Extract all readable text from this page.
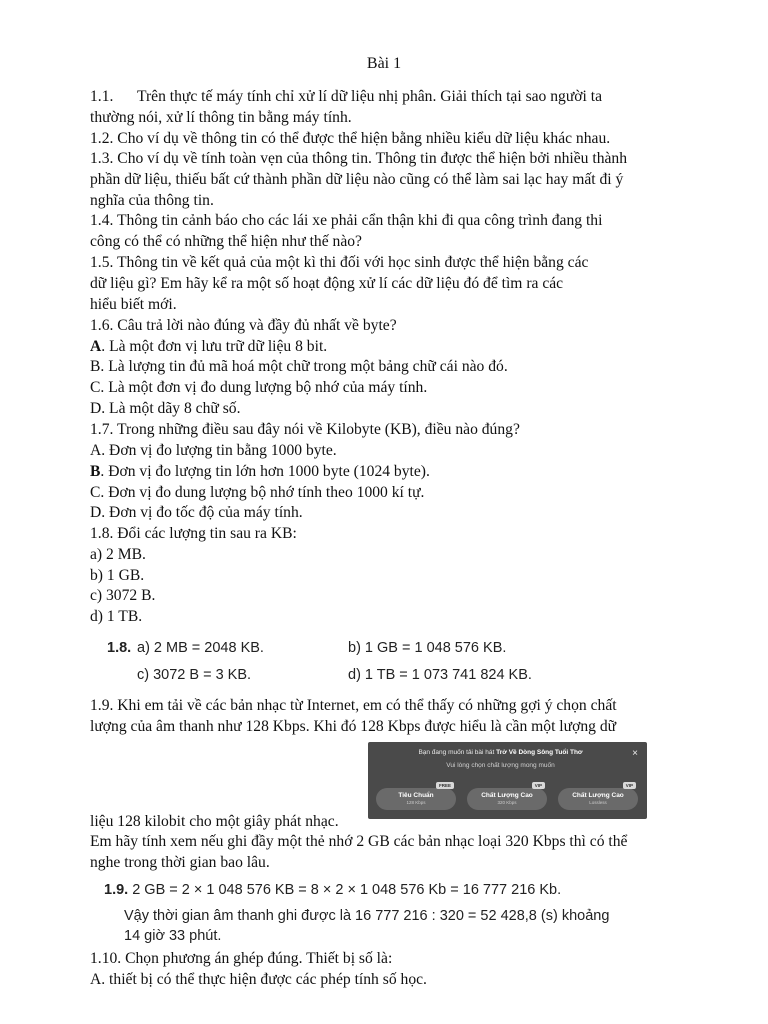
Bài 1
1.1. Trên thực tế máy tính chỉ xử lí dữ liệu nhị phân. Giải thích tại sao người ta
thường nói, xử lí thông tin bằng máy tính.
1.2. Cho ví dụ về thông tin có thể được thể hiện bằng nhiều kiểu dữ liệu khác nhau.
1.3. Cho ví dụ về tính toàn vẹn của thông tin. Thông tin được thể hiện bởi nhiều thành
phần dữ liệu, thiếu bất cứ thành phần dữ liệu nào cũng có thể làm sai lạc hay mất đi ý
nghĩa của thông tin.
1.4. Thông tin cảnh báo cho các lái xe phải cẩn thận khi đi qua công trình đang thi
công có thể có những thể hiện như thế nào?
1.5. Thông tin về kết quả của một kì thi đối với học sinh được thể hiện bằng các
dữ liệu gì? Em hãy kể ra một số hoạt động xử lí các dữ liệu đó để tìm ra các
hiểu biết mới.
1.6. Câu trả lời nào đúng và đầy đủ nhất về byte?
A. Là một đơn vị lưu trữ dữ liệu 8 bit.
B. Là lượng tin đủ mã hoá một chữ trong một bảng chữ cái nào đó.
C. Là một đơn vị đo dung lượng bộ nhớ của máy tính.
D. Là một dãy 8 chữ số.
1.7. Trong những điều sau đây nói về Kilobyte (KB), điều nào đúng?
A. Đơn vị đo lượng tin bằng 1000 byte.
B. Đơn vị đo lượng tin lớn hơn 1000 byte (1024 byte).
C. Đơn vị đo dung lượng bộ nhớ tính theo 1000 kí tự.
D. Đơn vị đo tốc độ của máy tính.
1.8. Đổi các lượng tin sau ra KB:
a) 2 MB.
b) 1 GB.
c) 3072 B.
d) 1 TB.
1.9. Khi em tải về các bản nhạc từ Internet, em có thể thấy có những gợi ý chọn chất
lượng của âm thanh như 128 Kbps. Khi đó 128 Kbps được hiểu là cần một lượng dữ
liệu 128 kilobit cho một giây phát nhạc.
Em hãy tính xem nếu ghi đầy một thẻ nhớ 2 GB các bản nhạc loại 320 Kbps thì có thể
nghe trong thời gian bao lâu.
1.10. Chọn phương án ghép đúng. Thiết bị số là:
A. thiết bị có thể thực hiện được các phép tính số học.
1.8. a) 2 MB = 2048 KB.	b) 1 GB = 1 048 576 KB.
c) 3072 B = 3 KB.	d) 1 TB = 1 073 741 824 KB.
Bạn đang muốn tải bài hát Trở Về Dòng Sông Tuổi Thơ
Vui lòng chọn chất lượng mong muốn
×
FREE
Tiêu Chuẩn
128 Kbps
VIP
Chất Lượng Cao
320 Kbps
VIP
Chất Lượng Cao
Lossless
1.9. 2 GB = 2 × 1 048 576 KB = 8 × 2 × 1 048 576 Kb = 16 777 216 Kb.
Vậy thời gian âm thanh ghi được là 16 777 216 : 320 = 52 428,8 (s) khoảng
14 giờ 33 phút.
